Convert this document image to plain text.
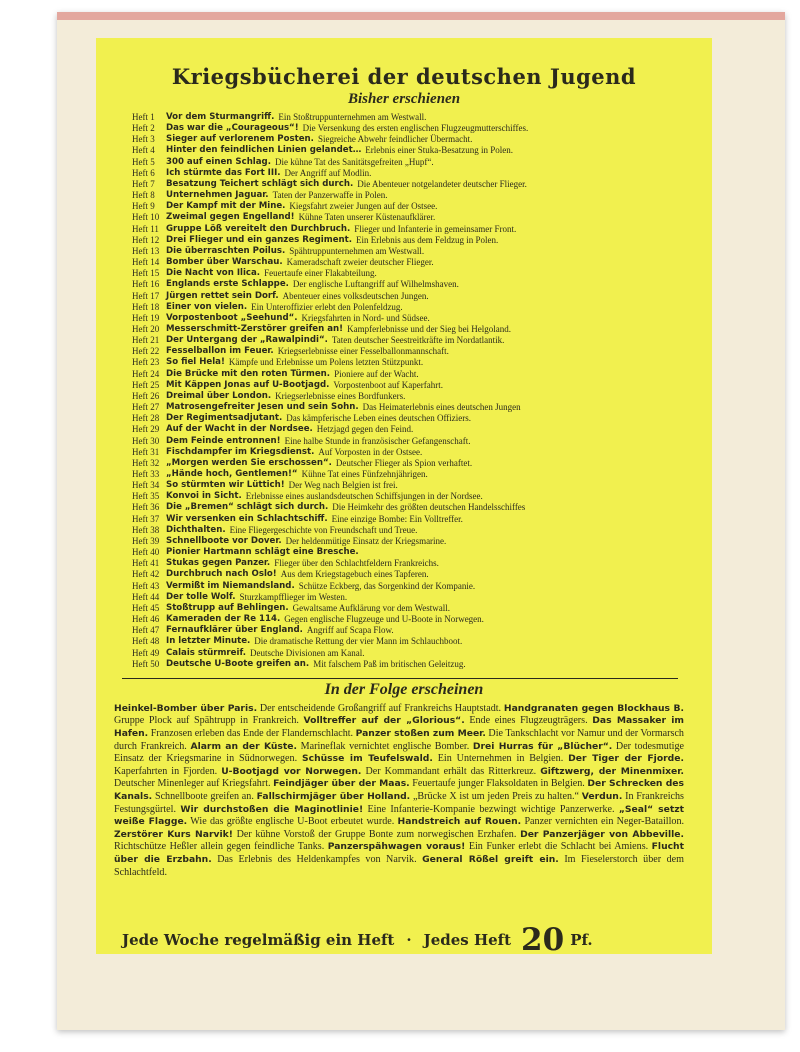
Kriegsbücherei der deutschen Jugend
Bisher erschienen
Heft 1	Vor dem Sturmangriff. Ein Stoßtruppunternehmen am Westwall.
Heft 2	Das war die „Courageous“! Die Versenkung des ersten englischen Flugzeugmutterschiffes.
Heft 3	Sieger auf verlorenem Posten. Siegreiche Abwehr feindlicher Übermacht.
Heft 4	Hinter den feindlichen Linien gelandet… Erlebnis einer Stuka-Besatzung in Polen.
Heft 5	300 auf einen Schlag. Die kühne Tat des Sanitätsgefreiten „Hupf“.
Heft 6	Ich stürmte das Fort III. Der Angriff auf Modlin.
Heft 7	Besatzung Teichert schlägt sich durch. Die Abenteuer notgelandeter deutscher Flieger.
Heft 8	Unternehmen Jaguar. Taten der Panzerwaffe in Polen.
Heft 9	Der Kampf mit der Mine. Kiegsfahrt zweier Jungen auf der Ostsee.
Heft 10 Zweimal gegen Engelland! Kühne Taten unserer Küstenaufklärer.
Heft 11 Gruppe Löß vereitelt den Durchbruch. Flieger und Infanterie in gemeinsamer Front.
Heft 12 Drei Flieger und ein ganzes Regiment. Ein Erlebnis aus dem Feldzug in Polen.
Heft 13 Die überraschten Poilus. Spähtruppunternehmen am Westwall.
Heft 14 Bomber über Warschau. Kameradschaft zweier deutscher Flieger.
Heft 15 Die Nacht von Ilica. Feuertaufe einer Flakabteilung.
Heft 16 Englands erste Schlappe. Der englische Luftangriff auf Wilhelmshaven.
Heft 17 Jürgen rettet sein Dorf. Abenteuer eines volksdeutschen Jungen.
Heft 18 Einer von vielen. Ein Unteroffizier erlebt den Polenfeldzug.
Heft 19 Vorpostenboot „Seehund“. Kriegsfahrten in Nord- und Südsee.
Heft 20 Messerschmitt-Zerstörer greifen an! Kampferlebnisse und der Sieg bei Helgoland.
Heft 21 Der Untergang der „Rawalpindi“. Taten deutscher Seestreitkräfte im Nordatlantik.
Heft 22 Fesselballon im Feuer. Kriegserlebnisse einer Fesselballonmannschaft.
Heft 23 So fiel Hela! Kämpfe und Erlebnisse um Polens letzten Stützpunkt.
Heft 24 Die Brücke mit den roten Türmen. Pioniere auf der Wacht.
Heft 25 Mit Käppen Jonas auf U-Bootjagd. Vorpostenboot auf Kaperfahrt.
Heft 26 Dreimal über London. Kriegserlebnisse eines Bordfunkers.
Heft 27 Matrosengefreiter Jesen und sein Sohn. Das Heimaterlebnis eines deutschen Jungen
Heft 28 Der Regimentsadjutant. Das kämpferische Leben eines deutschen Offiziers.
Heft 29 Auf der Wacht in der Nordsee. Hetzjagd gegen den Feind.
Heft 30 Dem Feinde entronnen! Eine halbe Stunde in französischer Gefangenschaft.
Heft 31 Fischdampfer im Kriegsdienst. Auf Vorposten in der Ostsee.
Heft 32 „Morgen werden Sie erschossen“. Deutscher Flieger als Spion verhaftet.
Heft 33 „Hände hoch, Gentlemen!“ Kühne Tat eines Fünfzehnjährigen.
Heft 34 So stürmten wir Lüttich! Der Weg nach Belgien ist frei.
Heft 35 Konvoi in Sicht. Erlebnisse eines auslandsdeutschen Schiffsjungen in der Nordsee.
Heft 36 Die „Bremen“ schlägt sich durch. Die Heimkehr des größten deutschen Handelsschiffes
Heft 37 Wir versenken ein Schlachtschiff. Eine einzige Bombe: Ein Volltreffer.
Heft 38 Dichthalten. Eine Fliegergeschichte von Freundschaft und Treue.
Heft 39 Schnellboote vor Dover. Der heldenmütige Einsatz der Kriegsmarine.
Heft 40 Pionier Hartmann schlägt eine Bresche.
Heft 41 Stukas gegen Panzer. Flieger über den Schlachtfeldern Frankreichs.
Heft 42 Durchbruch nach Oslo! Aus dem Kriegstagebuch eines Tapferen.
Heft 43 Vermißt im Niemandsland. Schütze Eckberg, das Sorgenkind der Kompanie.
Heft 44 Der tolle Wolf. Sturzkampfflieger im Westen.
Heft 45 Stoßtrupp auf Behlingen. Gewaltsame Aufklärung vor dem Westwall.
Heft 46 Kameraden der Re 114. Gegen englische Flugzeuge und U-Boote in Norwegen.
Heft 47 Fernaufklärer über England. Angriff auf Scapa Flow.
Heft 48 In letzter Minute. Die dramatische Rettung der vier Mann im Schlauchboot.
Heft 49 Calais stürmreif. Deutsche Divisionen am Kanal.
Heft 50 Deutsche U-Boote greifen an. Mit falschem Paß im britischen Geleitzug.
In der Folge erscheinen
Heinkel-Bomber über Paris. Der entscheidende Großangriff auf Frankreichs Hauptstadt. Handgranaten gegen Blockhaus B. Gruppe Plock auf Spähtrupp in Frankreich. Volltreffer auf der „Glorious“. Ende eines Flugzeugträgers. Das Massaker im Hafen. Franzosen erleben das Ende der Flandernschlacht. Panzer stoßen zum Meer. Die Tankschlacht vor Namur und der Vormarsch durch Frankreich. Alarm an der Küste. Marineflak vernichtet englische Bomber. Drei Hurras für „Blücher“. Der todesmutige Einsatz der Kriegsmarine in Südnorwegen. Schüsse im Teufelswald. Ein Unternehmen in Belgien. Der Tiger der Fjorde. Kaperfahrten in Fjorden. U-Bootjagd vor Norwegen. Der Kommandant erhält das Ritterkreuz. Giftzwerg, der Minenmixer. Deutscher Minenleger auf Kriegsfahrt. Feindjäger über der Maas. Feuertaufe junger Flaksoldaten in Belgien. Der Schrecken des Kanals. Schnellboote greifen an. Fallschirmjäger über Holland. „Brücke X ist um jeden Preis zu halten.“ Verdun. In Frankreichs Festungsgürtel. Wir durchstoßen die Maginotlinie! Eine Infanterie-Kompanie bezwingt wichtige Panzerwerke. „Seal“ setzt weiße Flagge. Wie das größte englische U-Boot erbeutet wurde. Handstreich auf Rouen. Panzer vernichten ein Neger-Bataillon. Zerstörer Kurs Narvik! Der kühne Vorstoß der Gruppe Bonte zum norwegischen Erzhafen. Der Panzerjäger von Abbeville. Richtschütze Heßler allein gegen feindliche Tanks. Panzerspähwagen voraus! Ein Funker erlebt die Schlacht bei Amiens. Flucht über die Erzbahn. Das Erlebnis des Heldenkampfes von Narvik. General Rößel greift ein. Im Fieselerstorch über dem Schlachtfeld.
Jede Woche regelmäßig ein Heft · Jedes Heft 20 Pf.
